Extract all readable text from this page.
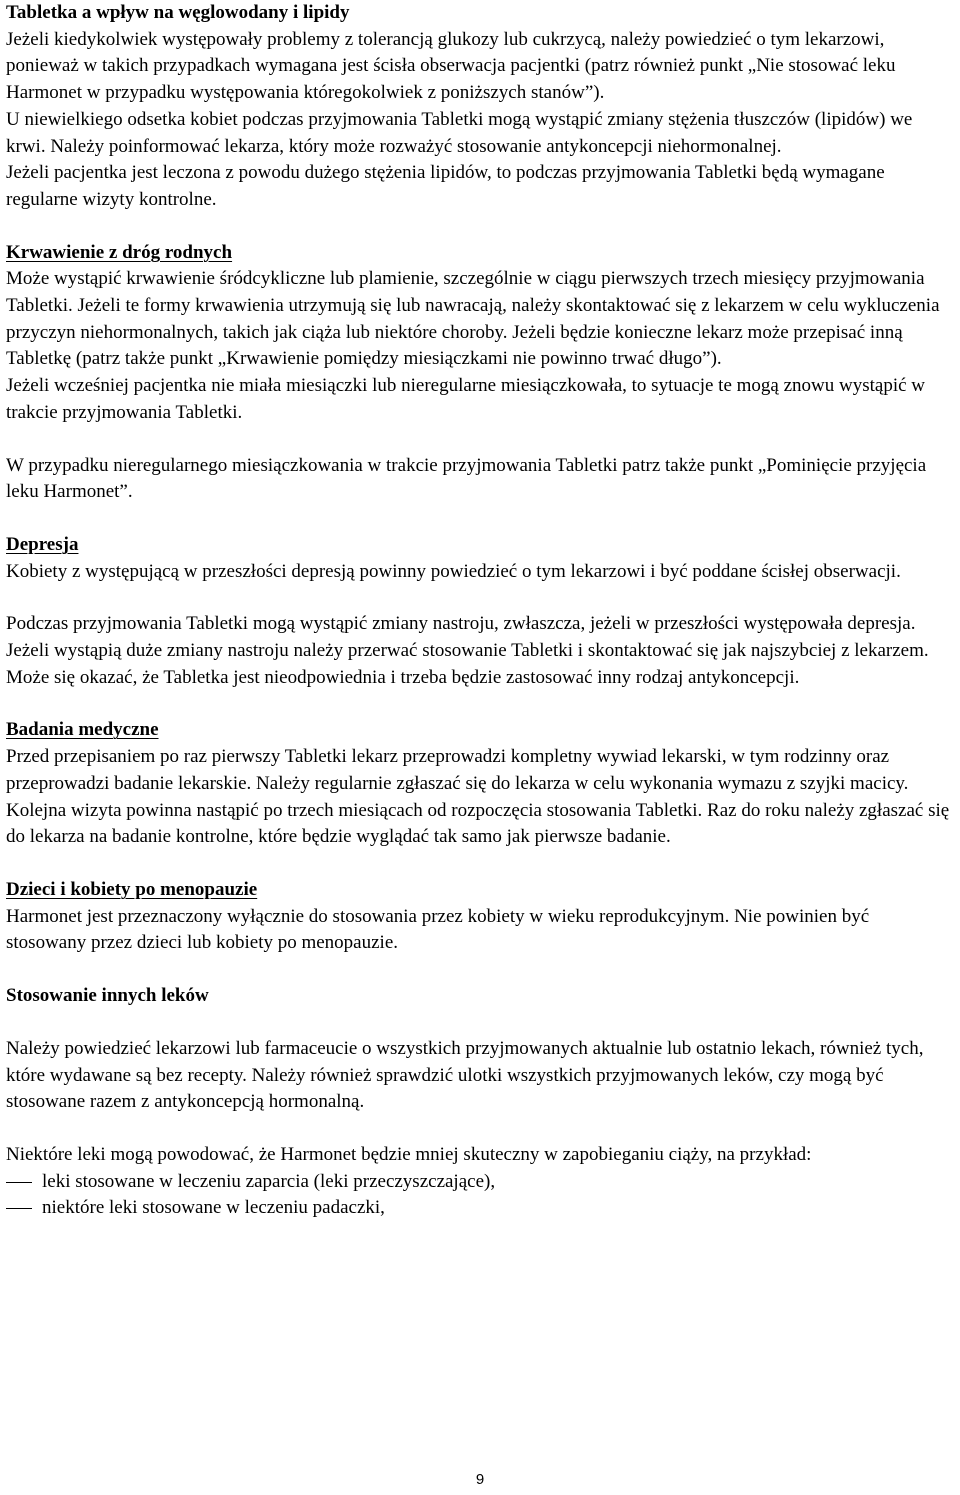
Tabletka a wpływ na węglowodany i lipidy

Jeżeli kiedykolwiek występowały problemy z tolerancją glukozy lub cukrzycą, należy powiedzieć o tym lekarzowi, ponieważ w takich przypadkach wymagana jest ścisła obserwacja pacjentki (patrz również punkt „Nie stosować leku Harmonet w przypadku występowania któregokolwiek z poniższych stanów”).

U niewielkiego odsetka kobiet podczas przyjmowania Tabletki mogą wystąpić zmiany stężenia tłuszczów (lipidów) we krwi. Należy poinformować lekarza, który może rozważyć stosowanie antykoncepcji niehormonalnej.

Jeżeli pacjentka jest leczona z powodu dużego stężenia lipidów, to podczas przyjmowania Tabletki będą wymagane regularne wizyty kontrolne.

Krwawienie z dróg rodnych

Może wystąpić krwawienie śródcykliczne lub plamienie, szczególnie w ciągu pierwszych trzech miesięcy przyjmowania Tabletki. Jeżeli te formy krwawienia utrzymują się lub nawracają, należy skontaktować się z lekarzem w celu wykluczenia przyczyn niehormonalnych, takich jak ciąża lub niektóre choroby. Jeżeli będzie konieczne lekarz może przepisać inną Tabletkę (patrz także punkt „Krwawienie pomiędzy miesiączkami nie powinno trwać długo”).

Jeżeli wcześniej pacjentka nie miała miesiączki lub nieregularne miesiączkowała, to sytuacje te mogą znowu wystąpić w trakcie przyjmowania Tabletki.

W przypadku nieregularnego miesiączkowania w trakcie przyjmowania Tabletki patrz także punkt „Pominięcie przyjęcia leku Harmonet”.

Depresja

Kobiety z występującą w przeszłości depresją powinny powiedzieć o tym lekarzowi i być poddane ścisłej obserwacji.

Podczas przyjmowania Tabletki mogą wystąpić zmiany nastroju, zwłaszcza, jeżeli w przeszłości występowała depresja. Jeżeli wystąpią duże zmiany nastroju należy przerwać stosowanie Tabletki i skontaktować się jak najszybciej z lekarzem. Może się okazać, że Tabletka jest nieodpowiednia i trzeba będzie zastosować inny rodzaj antykoncepcji.

Badania medyczne

Przed przepisaniem po raz pierwszy Tabletki lekarz przeprowadzi kompletny wywiad lekarski, w tym rodzinny oraz przeprowadzi badanie lekarskie. Należy regularnie zgłaszać się do lekarza w celu wykonania wymazu z szyjki macicy.

Kolejna wizyta powinna nastąpić po trzech miesiącach od rozpoczęcia stosowania Tabletki. Raz do roku należy zgłaszać się do lekarza na badanie kontrolne, które będzie wyglądać tak samo jak pierwsze badanie.

Dzieci i kobiety po menopauzie

Harmonet jest przeznaczony wyłącznie do stosowania przez kobiety w wieku reprodukcyjnym. Nie powinien być stosowany przez dzieci lub kobiety po menopauzie.

Stosowanie innych leków

Należy powiedzieć lekarzowi lub farmaceucie o wszystkich przyjmowanych aktualnie lub ostatnio lekach, również tych, które wydawane są bez recepty. Należy również sprawdzić ulotki wszystkich przyjmowanych leków, czy mogą być stosowane razem z antykoncepcją hormonalną.

Niektóre leki mogą powodować, że Harmonet będzie mniej skuteczny w zapobieganiu ciąży, na przykład:

leki stosowane w leczeniu zaparcia (leki przeczyszczające),
niektóre leki stosowane w leczeniu padaczki,
9
